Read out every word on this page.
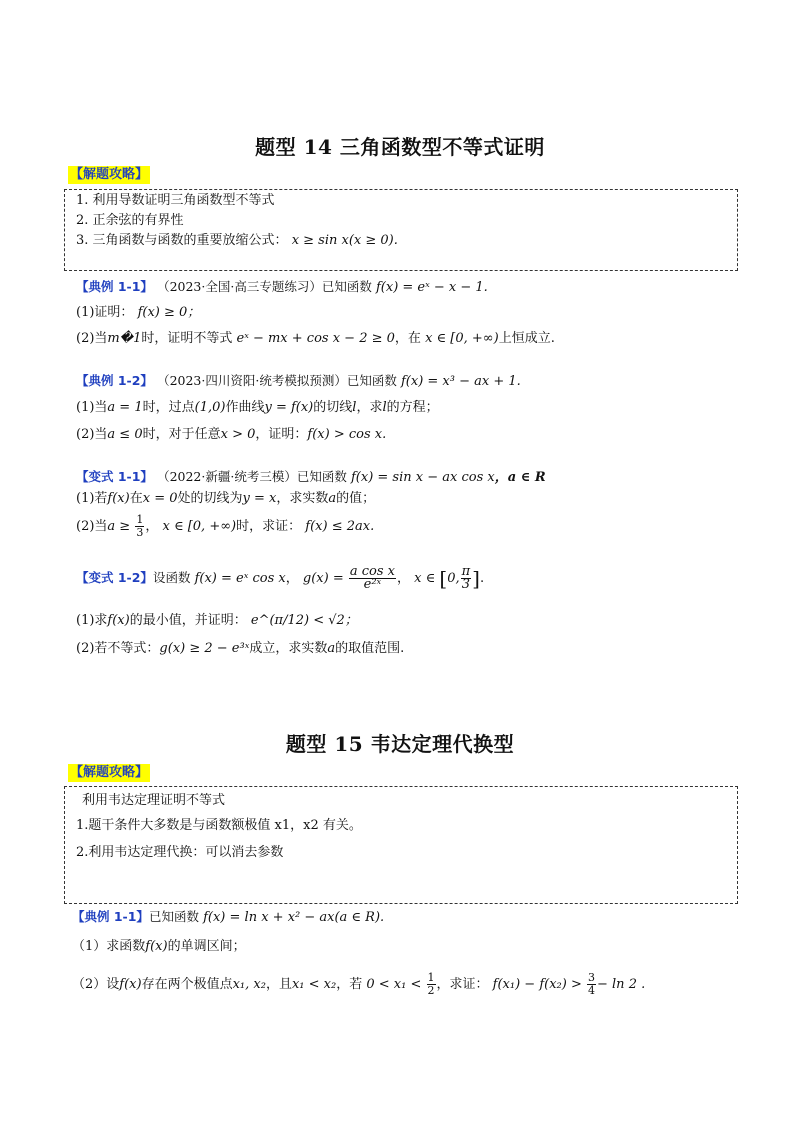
题型 14 三角函数型不等式证明
【解题攻略】
1. 利用导数证明三角函数型不等式
2. 正余弦的有界性
3. 三角函数与函数的重要放缩公式： x ≥ sin x(x ≥ 0).
【典例 1-1】 （2023·全国·高三专题练习）已知函数 f(x) = eˣ − x − 1.
(1)证明： f(x) ≥ 0；
(2)当m�1时，证明不等式 eˣ − mx + cos x − 2 ≥ 0，在 x ∈ [0, +∞)上恒成立.
【典例 1-2】 （2023·四川资阳·统考模拟预测）已知函数 f(x) = x³ − ax + 1.
(1)当a = 1时，过点(1,0)作曲线y = f(x)的切线l，求l的方程；
(2)当a ≤ 0时，对于任意x > 0，证明：f(x) > cos x.
【变式 1-1】 （2022·新疆·统考三模）已知函数 f(x) = sin x − ax cos x，a ∈ R
(1)若f(x)在x = 0处的切线为y = x，求实数a的值；
(2)当$a \ge \frac{1}{3}$ ， x ∈ [0, +∞)时，求证： f(x) ≤ 2ax.
【变式 1-2】设函数 f(x) = eˣ cos x， $g(x) = \frac{\text{a cos x}}{\text{e²ˣ}}$ ， x ∈ [0, $\frac{\pi}{3}$ ].
(1)求f(x)的最小值，并证明： e^(π/12) < √2；
(2)若不等式：g(x) ≥ 2 − e³ˣ成立，求实数a的取值范围.
题型 15 韦达定理代换型
【解题攻略】
利用韦达定理证明不等式
1.题干条件大多数是与函数额极值 x1，x2 有关。
2.利用韦达定理代换：可以消去参数
【典例 1-1】已知函数 f(x) = ln x + x² − ax(a ∈ R).
（1）求函数f(x)的单调区间；
（2）设f(x)存在两个极值点x₁, x₂，且x₁ < x₂，若 $0 < x_1 < \frac{1}{2}$ ，求证： $f(x_1) - f(x_2) > \frac{3}{4} - \ln 2$ .
